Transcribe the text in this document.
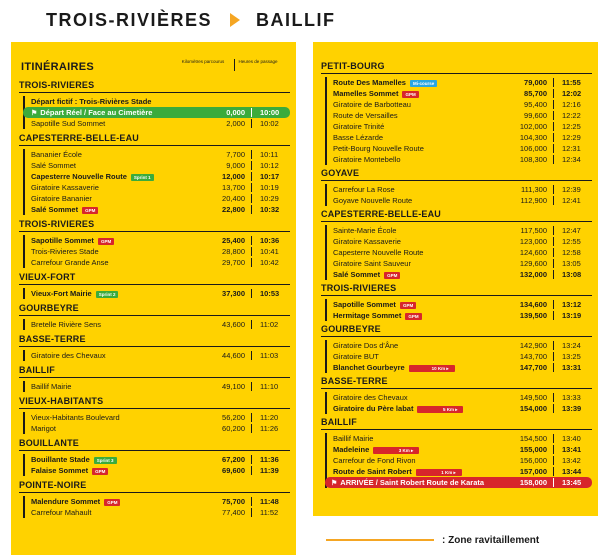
TROIS-RIVIÈRES BAILLIF
ITINÉRAIRES	Kilomètres parcourus	Heures de passage
TROIS-RIVIERES
Départ fictif : Trois-Rivières Stade
⚑ Départ Réel / Face au Cimetière	0,000	10:00
Sapotille Sud Sommet	2,000	10:02
CAPESTERRE-BELLE-EAU
Bananier École	7,700	10:11
Salé Sommet	9,000	10:12
Capesterre Nouvelle Route Sprint 1	12,000	10:17
Giratoire Kassaverie	13,700	10:19
Giratoire Bananier	20,400	10:29
Salé Sommet GPM	22,800	10:32
TROIS-RIVIERES
Sapotille Sommet GPM	25,400	10:36
Trois-Rivieres Stade	28,800	10:41
Carrefour Grande Anse	29,700	10:42
VIEUX-FORT
Vieux-Fort Mairie Sprint 2	37,300	10:53
GOURBEYRE
Bretelle Rivière Sens	43,600	11:02
BASSE-TERRE
Giratoire des Chevaux	44,600	11:03
BAILLIF
Baillif Mairie	49,100	11:10
VIEUX-HABITANTS
Vieux-Habitants Boulevard	56,200	11:20
Marigot	60,200	11:26
BOUILLANTE
Bouillante Stade Sprint 3	67,200	11:36
Falaise Sommet GPM	69,600	11:39
POINTE-NOIRE
Malendure Sommet GPM	75,700	11:48
Carrefour Mahault	77,400	11:52
PETIT-BOURG
Route Des Mamelles Mi-course	79,000	11:55
Mamelles Sommet GPM	85,700	12:02
Giratoire de Barbotteau	95,400	12:16
Route de Versailles	99,600	12:22
Giratoire Trinité	102,000	12:25
Basse Lézarde	104,300	12:29
Petit-Bourg Nouvelle Route	106,000	12:31
Giratoire Montebello	108,300	12:34
GOYAVE
Carrefour La Rose	111,300	12:39
Goyave Nouvelle Route	112,900	12:41
CAPESTERRE-BELLE-EAU
Sainte-Marie École	117,500	12:47
Giratoire Kassaverie	123,000	12:55
Capesterre Nouvelle Route	124,600	12:58
Giratoire Saint Sauveur	129,600	13:05
Salé Sommet GPM	132,000	13:08
TROIS-RIVIERES
Sapotille Sommet GPM	134,600	13:12
Hermitage Sommet GPM	139,500	13:19
GOURBEYRE
Giratoire Dos d'Âne	142,900	13:24
Giratoire BUT	143,700	13:25
Blanchet Gourbeyre	10 Km ▸	147,700	13:31
BASSE-TERRE
Giratoire des Chevaux	149,500	13:33
Giratoire du Père labat	5 Km ▸	154,000	13:39
BAILLIF
Baillif Mairie	154,500	13:40
Madeleine	3 Km ▸	155,000	13:41
Carrefour de Fond Rivon	156,000	13:42
Route de Saint Robert	1 Km ▸	157,000	13:44
⚑ ARRIVÉE / Saint Robert Route de Karata	158,000	13:45
: Zone ravitaillement
